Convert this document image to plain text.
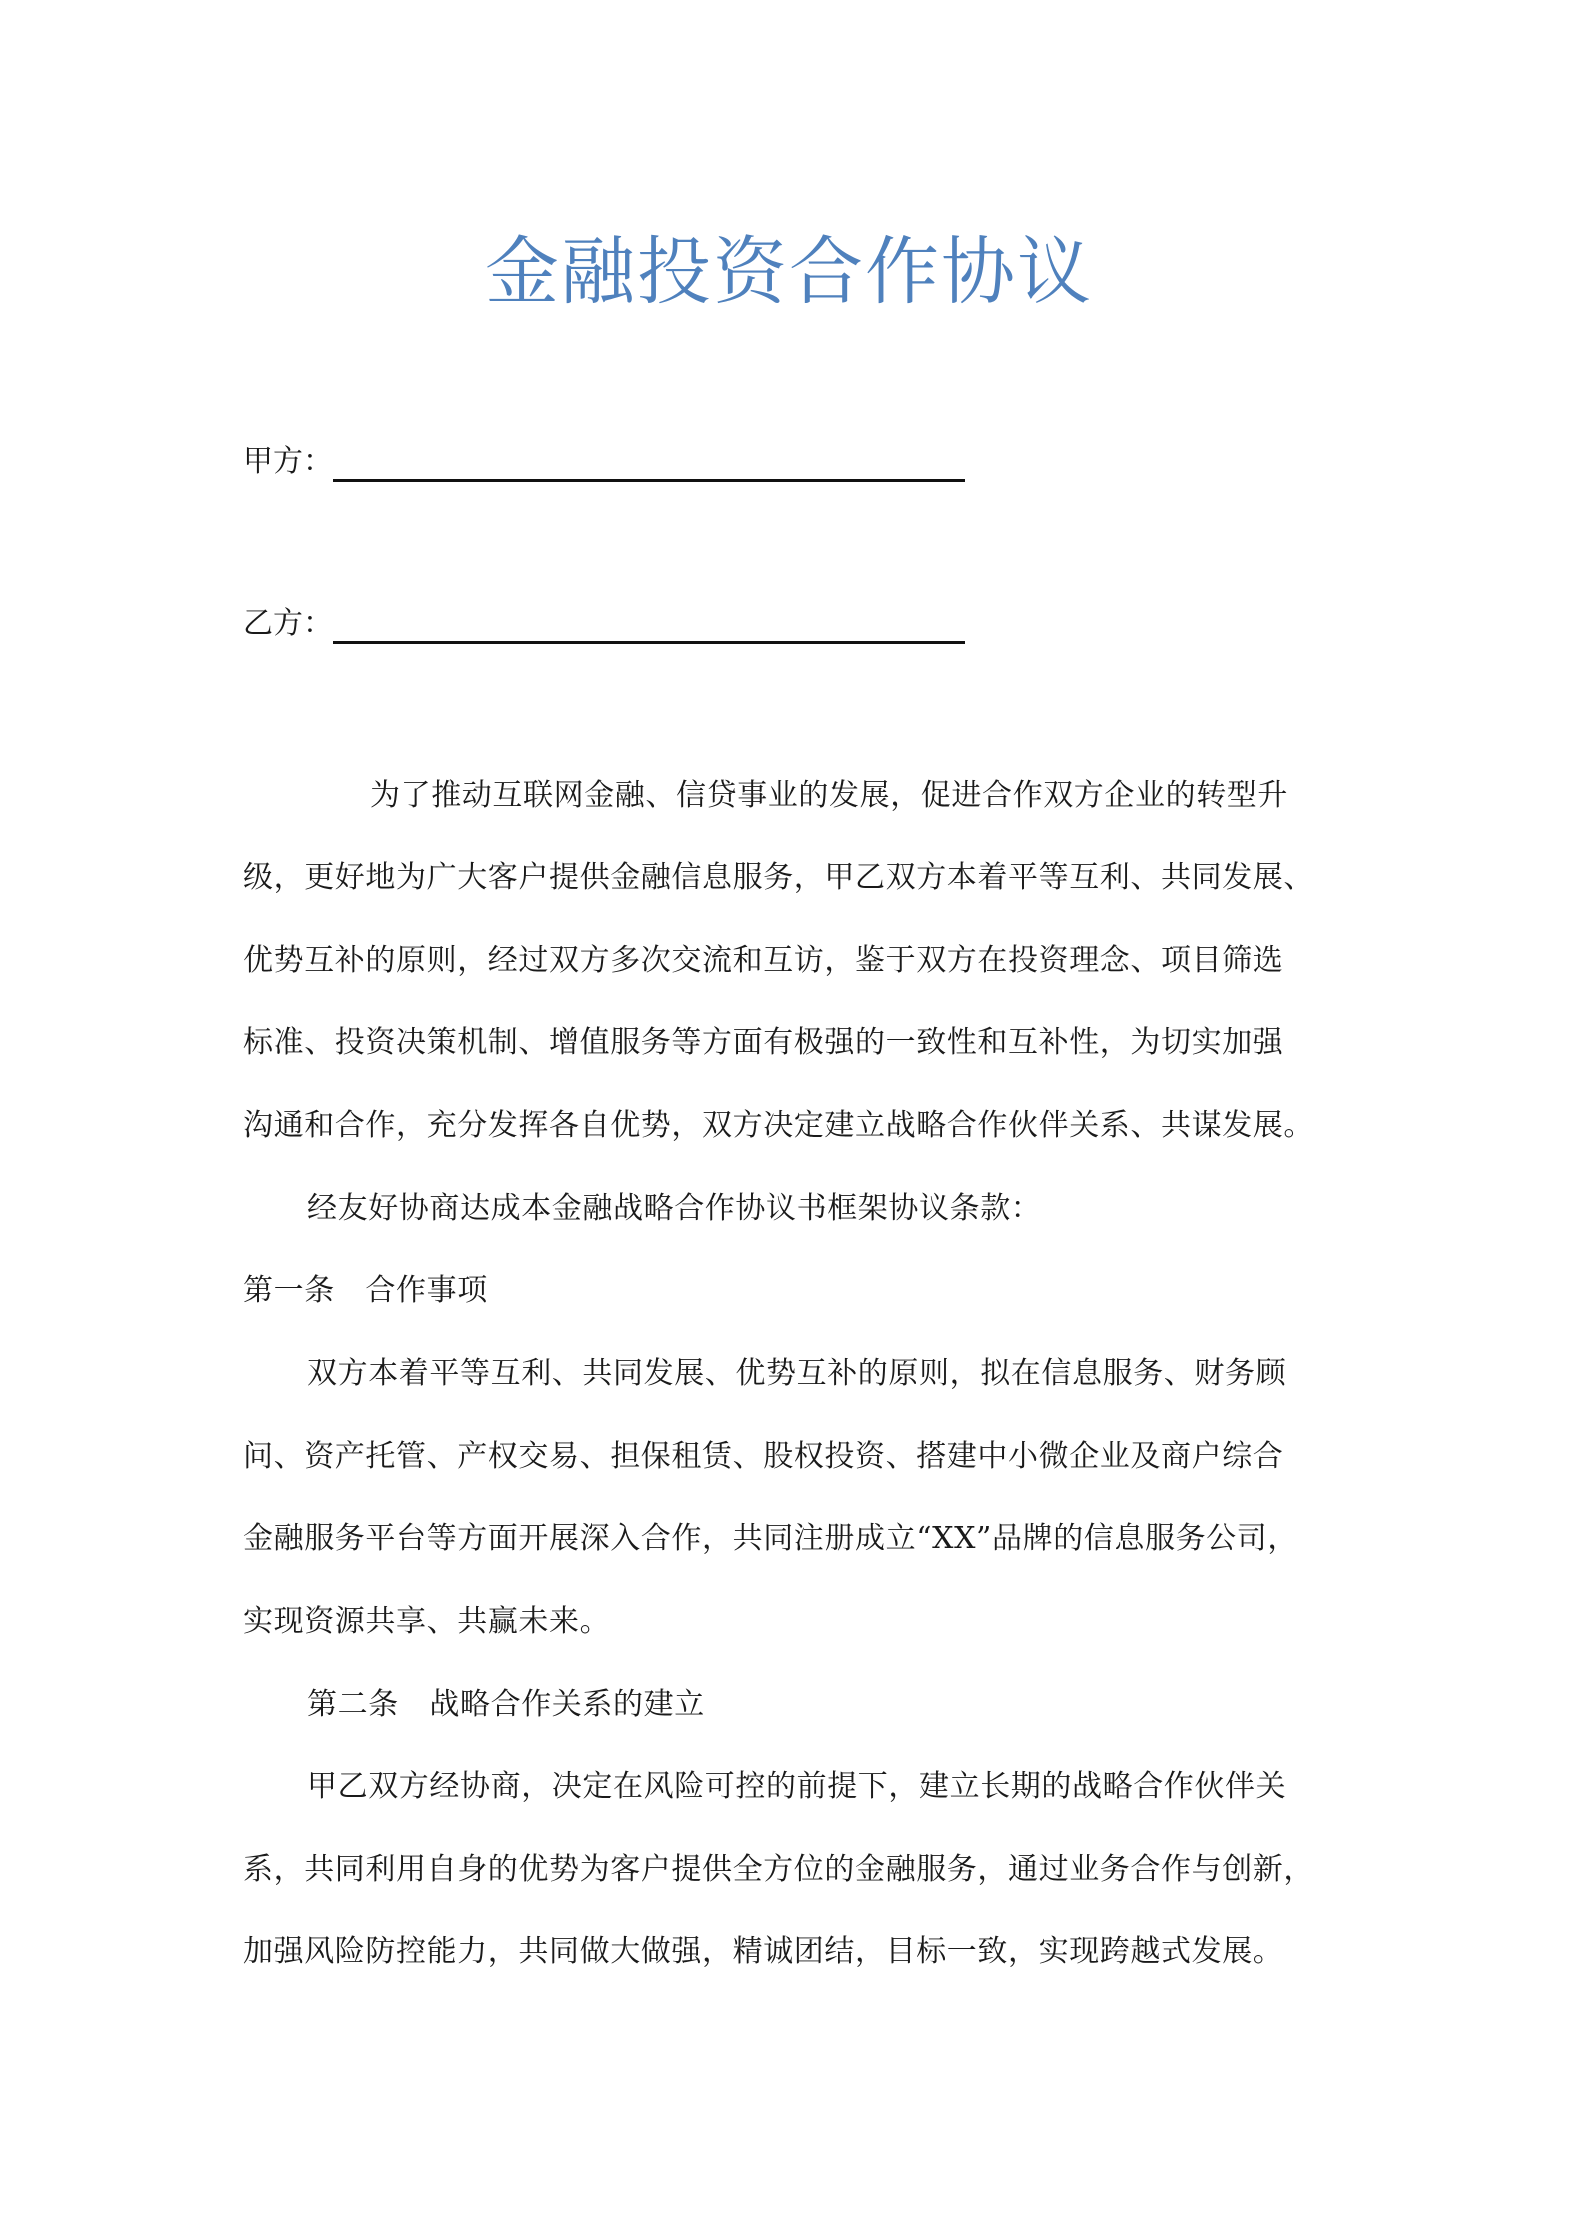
金融投资合作协议
甲方：
乙方：
为了推动互联网金融、信贷事业的发展，促进合作双方企业的转型升
级，更好地为广大客户提供金融信息服务，甲乙双方本着平等互利、共同发展、
优势互补的原则，经过双方多次交流和互访，鉴于双方在投资理念、项目筛选
标准、投资决策机制、增值服务等方面有极强的一致性和互补性，为切实加强
沟通和合作，充分发挥各自优势，双方决定建立战略合作伙伴关系、共谋发展。
经友好协商达成本金融战略合作协议书框架协议条款：
第一条　合作事项
双方本着平等互利、共同发展、优势互补的原则，拟在信息服务、财务顾
问、资产托管、产权交易、担保租赁、股权投资、搭建中小微企业及商户综合
金融服务平台等方面开展深入合作，共同注册成立“XX”品牌的信息服务公司，
实现资源共享、共赢未来。
第二条　战略合作关系的建立
甲乙双方经协商，决定在风险可控的前提下，建立长期的战略合作伙伴关
系，共同利用自身的优势为客户提供全方位的金融服务，通过业务合作与创新，
加强风险防控能力，共同做大做强，精诚团结，目标一致，实现跨越式发展。
